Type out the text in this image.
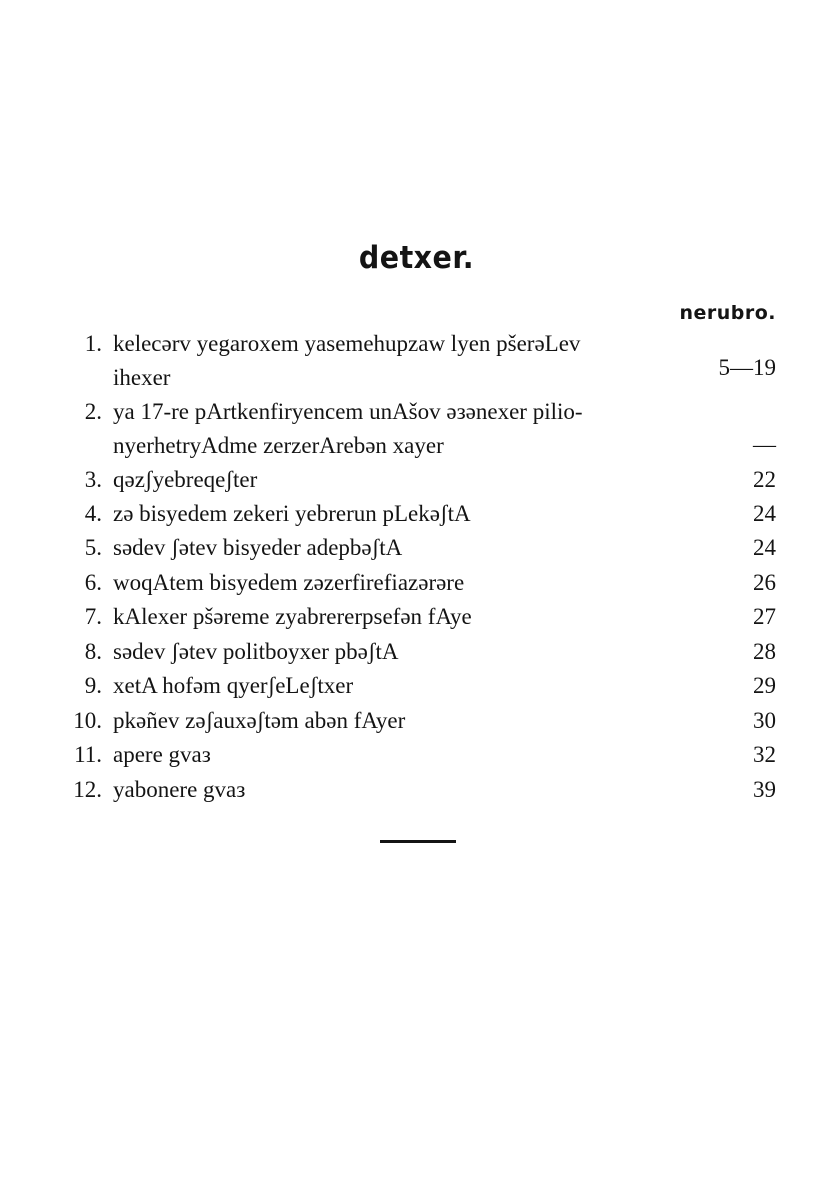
detxer.
nerubro.
1. kelecərv yegaroxem yasemehupzaw lyen pšerəLev
ihexer	5—19
2. ya 17-re pArtkenfiryencem unAšov əзənexer pilio-
nyerhetryAdme zerzerArebən xayer	—
3. qəzʃyebreqeʃter	22
4. zə bisyedem zekeri yebrerun pLekəʃtA	24
5. sədev ʃətev bisyeder adepbəʃtA	24
6. woqAtem bisyedem zəzerfirefiazərəre	26
7. kAlexer pšəreme zyabrererpsefən fAye	27
8. sədev ʃətev politboyxer pbəʃtA	28
9. xetA hofəm qyerʃeLeʃtxer	29
10. pkəñev zəʃauxəʃtəm abən fAyer	30
11. apere gvaз	32
12. yabonere gvaз	39
